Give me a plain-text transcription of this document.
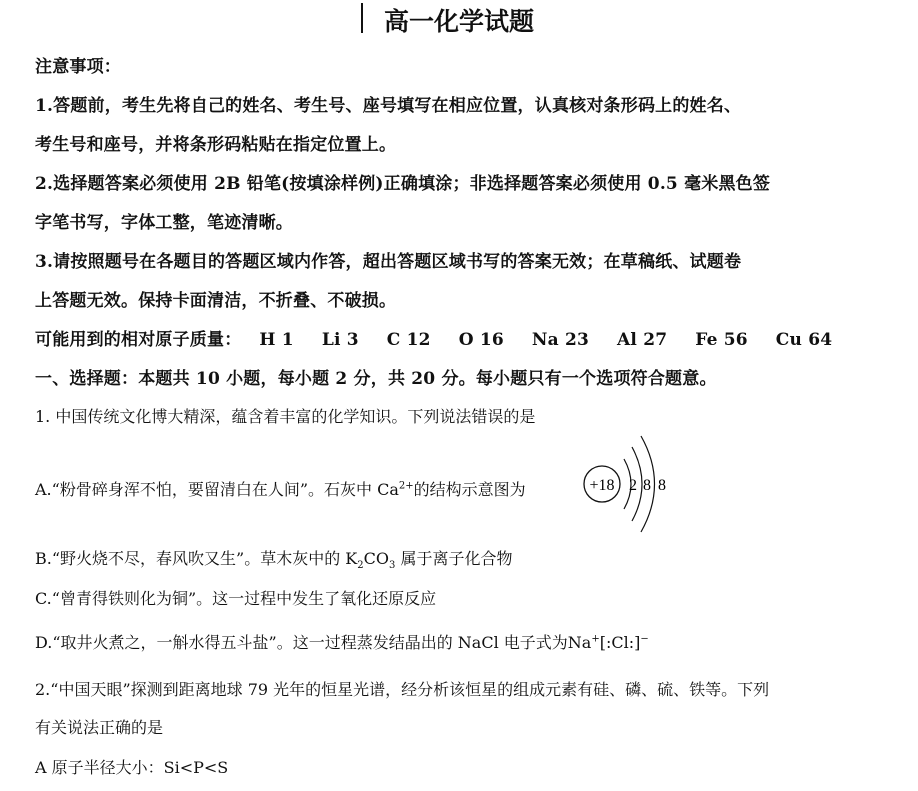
高一化学试题
注意事项：
1.答题前，考生先将自己的姓名、考生号、座号填写在相应位置，认真核对条形码上的姓名、
考生号和座号，并将条形码粘贴在指定位置上。
2.选择题答案必须使用 2B 铅笔(按填涂样例)正确填涂；非选择题答案必须使用 0.5 毫米黑色签
字笔书写，字体工整，笔迹清晰。
3.请按照题号在各题目的答题区域内作答，超出答题区域书写的答案无效；在草稿纸、试题卷
上答题无效。保持卡面清洁，不折叠、不破损。
可能用到的相对原子质量： H 1 Li 3 C 12 O 16 Na 23 Al 27 Fe 56 Cu 64
一、选择题：本题共 10 小题，每小题 2 分，共 20 分。每小题只有一个选项符合题意。
1. 中国传统文化博大精深，蕴含着丰富的化学知识。下列说法错误的是
A.“粉骨碎身浑不怕，要留清白在人间”。石灰中 $Ca^{2+}$的结构示意图为	+18 2 8 8
B.“野火烧不尽，春风吹又生”。草木灰中的 $K_2CO_3$ 属于离子化合物
C.“曾青得铁则化为铜”。这一过程中发生了氧化还原反应
D.“取井火煮之，一斛水得五斗盐”。这一过程蒸发结晶出的 NaCl 电子式为Na+[:Cl:]−
2.“中国天眼”探测到距离地球 79 光年的恒星光谱，经分析该恒星的组成元素有硅、磷、硫、铁等。下列
有关说法正确的是
A 原子半径大小：Si<P<S
